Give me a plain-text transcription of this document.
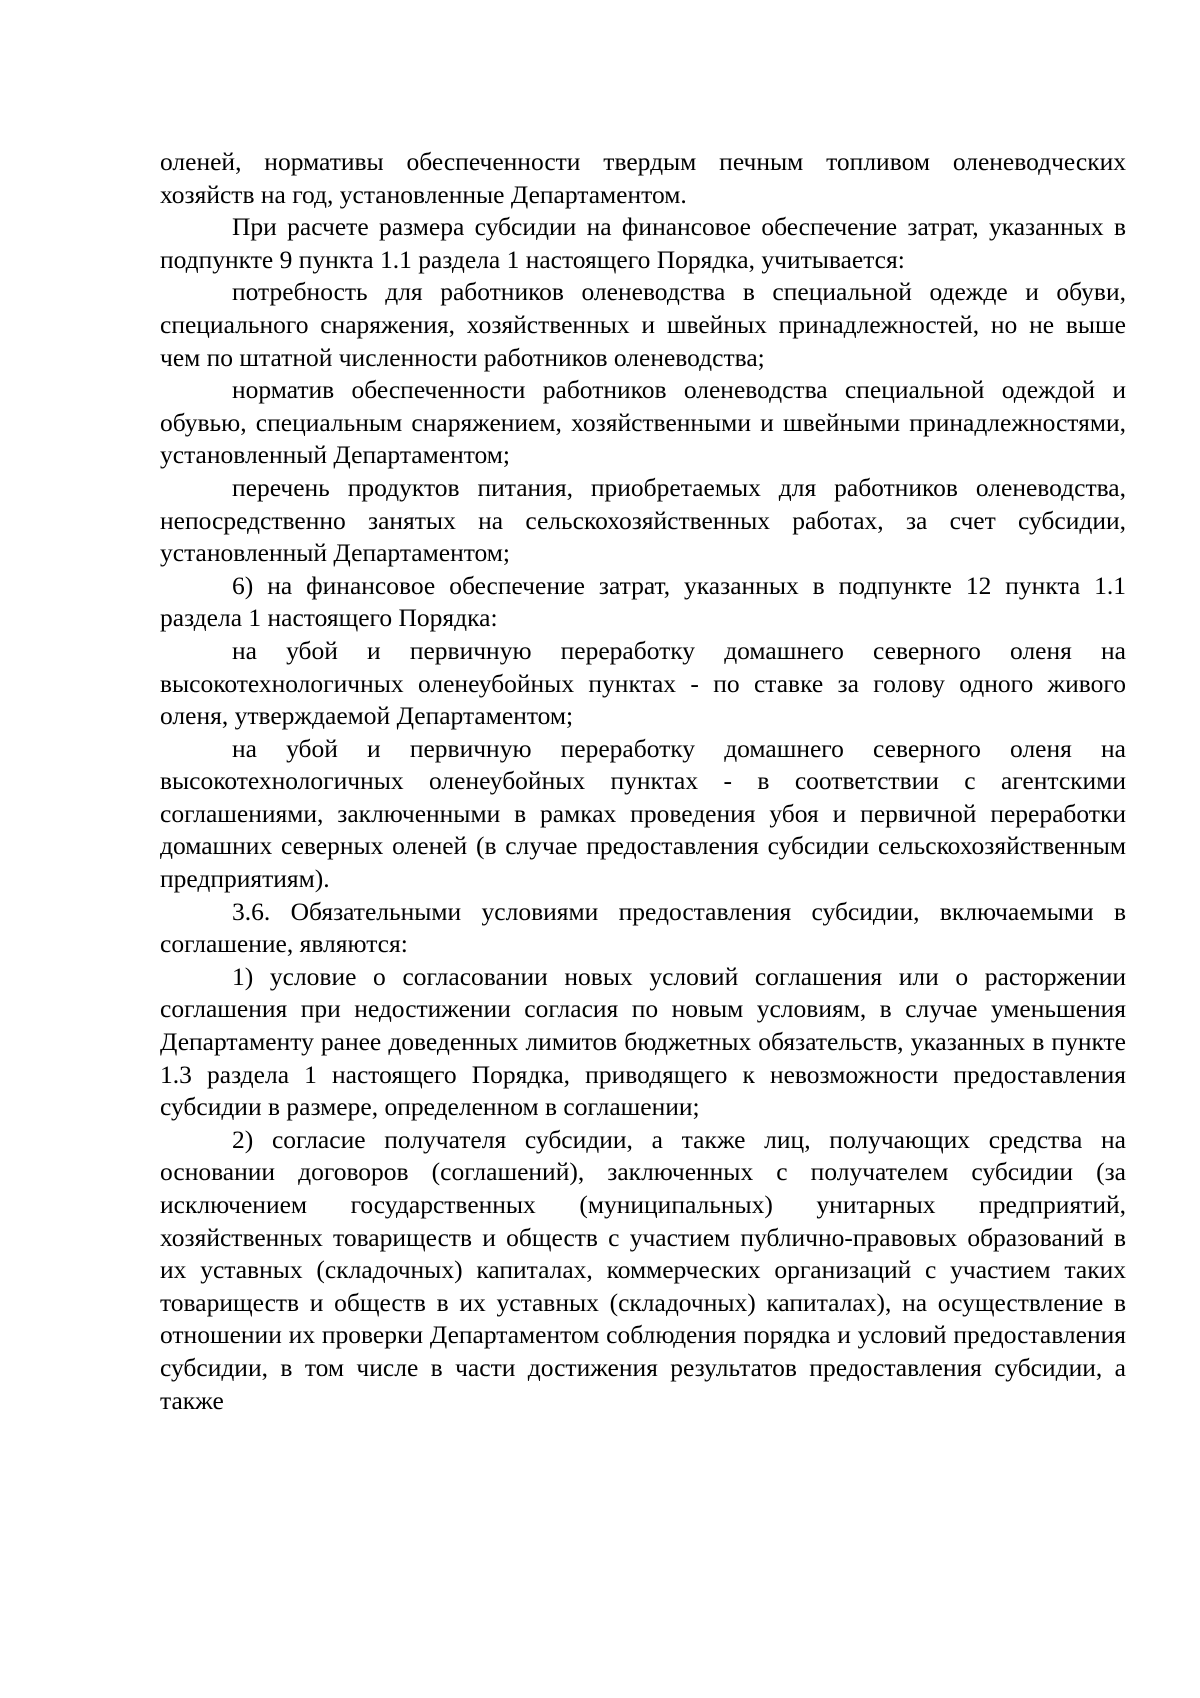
оленей, нормативы обеспеченности твердым печным топливом оленеводческих хозяйств на год, установленные Департаментом.

При расчете размера субсидии на финансовое обеспечение затрат, указанных в подпункте 9 пункта 1.1 раздела 1 настоящего Порядка, учитывается:

потребность для работников оленеводства в специальной одежде и обуви, специального снаряжения, хозяйственных и швейных принадлежностей, но не выше чем по штатной численности работников оленеводства;

норматив обеспеченности работников оленеводства специальной одеждой и обувью, специальным снаряжением, хозяйственными и швейными принадлежностями, установленный Департаментом;

перечень продуктов питания, приобретаемых для работников оленеводства, непосредственно занятых на сельскохозяйственных работах, за счет субсидии, установленный Департаментом;

6) на финансовое обеспечение затрат, указанных в подпункте 12 пункта 1.1 раздела 1 настоящего Порядка:

на убой и первичную переработку домашнего северного оленя на высокотехнологичных оленеубойных пунктах - по ставке за голову одного живого оленя, утверждаемой Департаментом;

на убой и первичную переработку домашнего северного оленя на высокотехнологичных оленеубойных пунктах - в соответствии с агентскими соглашениями, заключенными в рамках проведения убоя и первичной переработки домашних северных оленей (в случае предоставления субсидии сельскохозяйственным предприятиям).

3.6. Обязательными условиями предоставления субсидии, включаемыми в соглашение, являются:

1) условие о согласовании новых условий соглашения или о расторжении соглашения при недостижении согласия по новым условиям, в случае уменьшения Департаменту ранее доведенных лимитов бюджетных обязательств, указанных в пункте 1.3 раздела 1 настоящего Порядка, приводящего к невозможности предоставления субсидии в размере, определенном в соглашении;

2) согласие получателя субсидии, а также лиц, получающих средства на основании договоров (соглашений), заключенных с получателем субсидии (за исключением государственных (муниципальных) унитарных предприятий, хозяйственных товариществ и обществ с участием публично-правовых образований в их уставных (складочных) капиталах, коммерческих организаций с участием таких товариществ и обществ в их уставных (складочных) капиталах), на осуществление в отношении их проверки Департаментом соблюдения порядка и условий предоставления субсидии, в том числе в части достижения результатов предоставления субсидии, а также
